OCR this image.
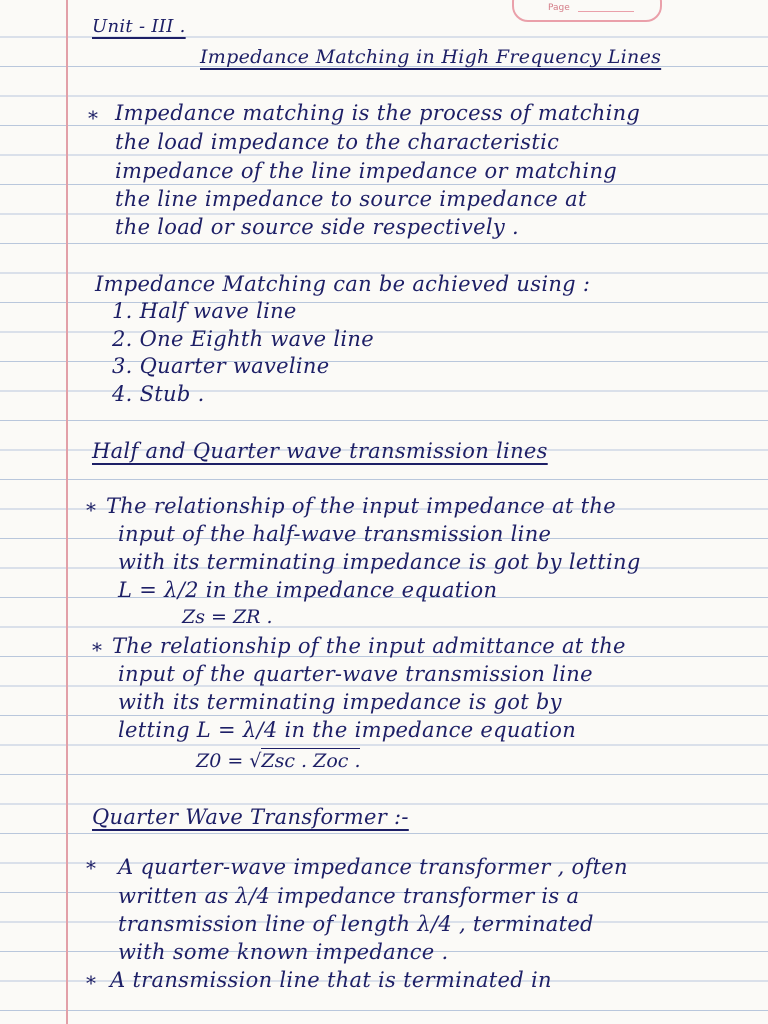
Page
Unit - III .
Impedance Matching in High Frequency Lines
* Impedance matching is the process of matching
the load impedance to the characteristic
impedance of the line impedance or matching
the line impedance to source impedance at
the load or source side respectively .
Impedance Matching can be achieved using :
1. Half wave line
2. One Eighth wave line
3. Quarter waveline
4. Stub .
Half and Quarter wave transmission lines
* The relationship of the input impedance at the
input of the half-wave transmission line
with its terminating impedance is got by letting
L = λ/2 in the impedance equation
Zs = ZR .
* The relationship of the input admittance at the
input of the quarter-wave transmission line
with its terminating impedance is got by
letting L = λ/4 in the impedance equation
Z0 = √Zsc . Zoc .
Quarter Wave Transformer :-
* A quarter-wave impedance transformer , often
written as λ/4 impedance transformer is a
transmission line of length λ/4 , terminated
with some known impedance .
* A transmission line that is terminated in
